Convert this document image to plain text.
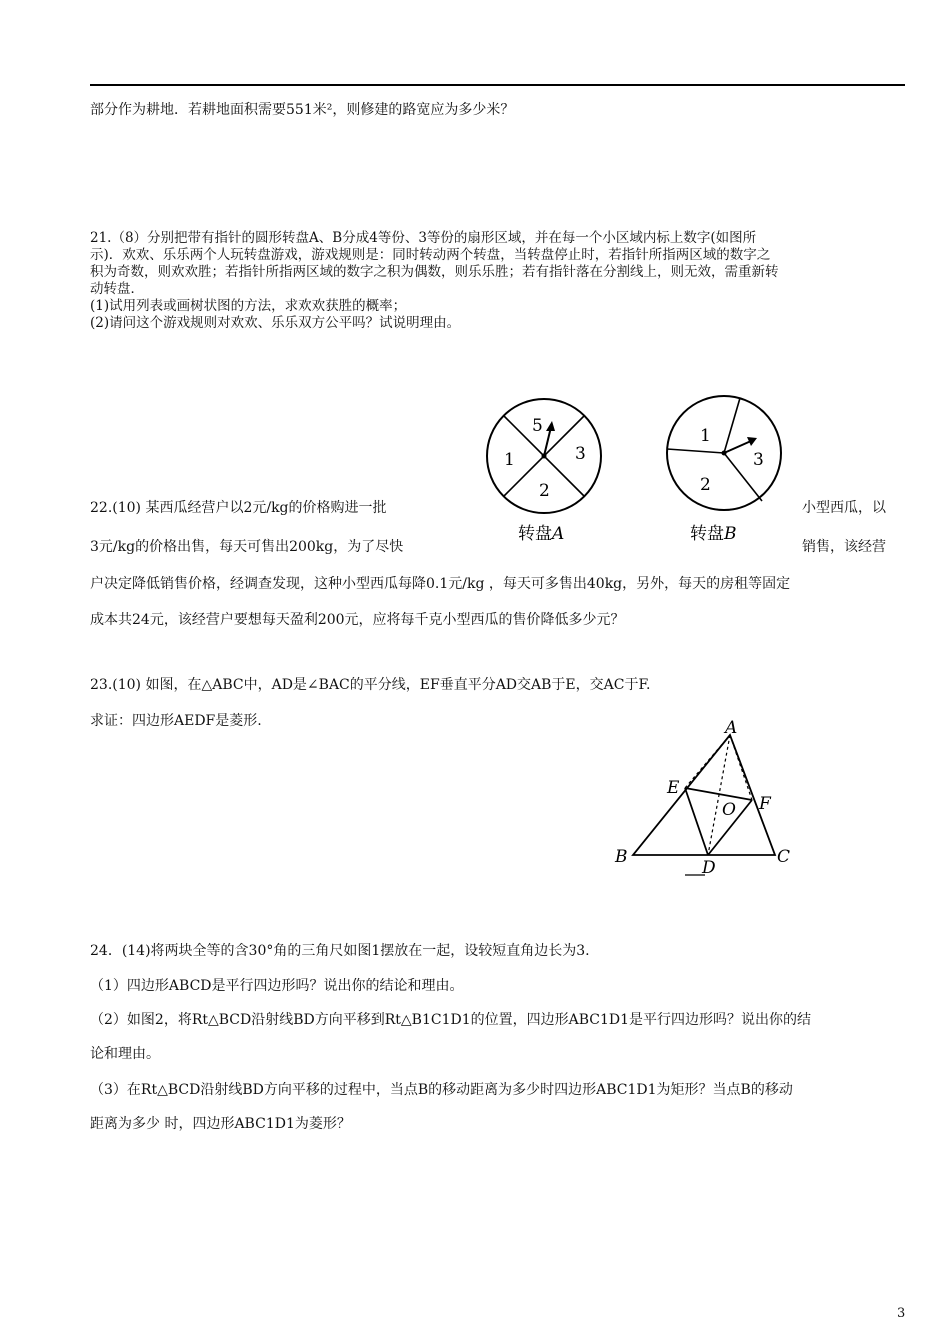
部分作为耕地．若耕地面积需要551米²，则修建的路宽应为多少米？
21.（8）分别把带有指针的圆形转盘A、B分成4等份、3等份的扇形区域，并在每一个小区域内标上数字(如图所
示)．欢欢、乐乐两个人玩转盘游戏，游戏规则是：同时转动两个转盘，当转盘停止时，若指针所指两区域的数字之
积为奇数，则欢欢胜；若指针所指两区域的数字之积为偶数，则乐乐胜；若有指针落在分割线上，则无效，需重新转
动转盘．
(1)试用列表或画树状图的方法，求欢欢获胜的概率；
(2)请问这个游戏规则对欢欢、乐乐双方公平吗？试说明理由。
5
1	3
2
转盘A
1
3
2
转盘B
22.(10) 某西瓜经营户以2元/kg的价格购进一批	小型西瓜，以
3元/kg的价格出售，每天可售出200kg，为了尽快	销售，该经营
户决定降低销售价格，经调查发现，这种小型西瓜每降0.1元/kg ，每天可多售出40kg，另外，每天的房租等固定
成本共24元，该经营户要想每天盈利200元，应将每千克小型西瓜的售价降低多少元？
23.(10) 如图，在△ABC中，AD是∠BAC的平分线，EF垂直平分AD交AB于E，交AC于F.
求证：四边形AEDF是菱形.	A
B	C
D
E
F
O
24．(14)将两块全等的含30°角的三角尺如图1摆放在一起，设较短直角边长为3.
（1）四边形ABCD是平行四边形吗？说出你的结论和理由。
（2）如图2，将Rt△BCD沿射线BD方向平移到Rt△B1C1D1的位置，四边形ABC1D1是平行四边形吗？说出你的结
论和理由。
（3）在Rt△BCD沿射线BD方向平移的过程中，当点B的移动距离为多少时四边形ABC1D1为矩形？当点B的移动
距离为多少 时，四边形ABC1D1为菱形？
3
